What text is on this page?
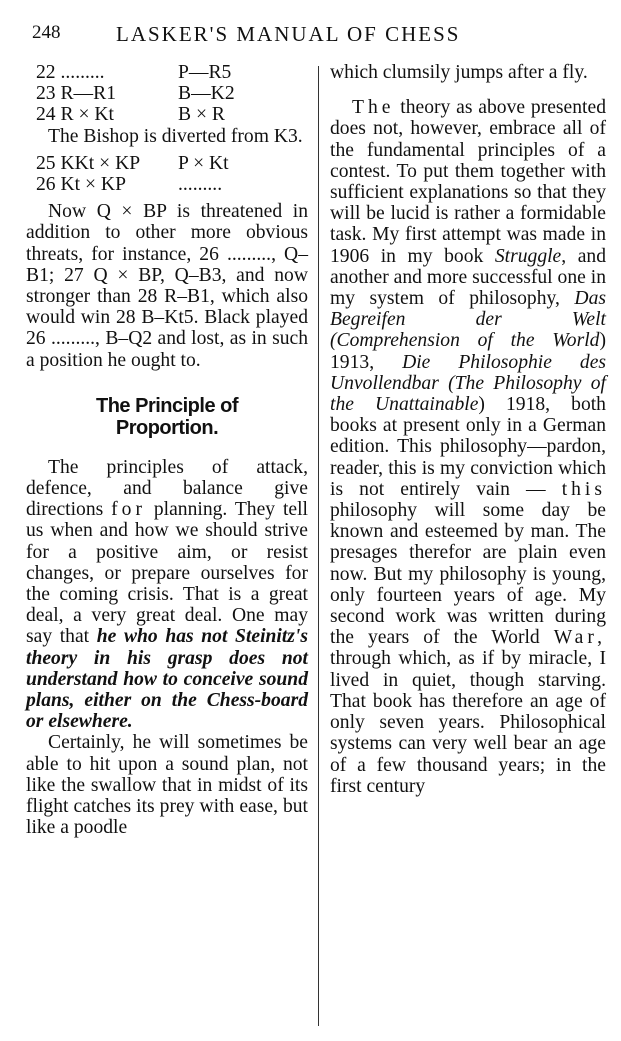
248	LASKER'S MANUAL OF CHESS
22 .........	P—R5
23 R—R1	B—K2
24 R × Kt	B × R

The Bishop is diverted from K3.

25 KKt × KP	P × Kt
26 Kt × KP	.........

Now Q × BP is threatened in addition to other more obvious threats, for instance, 26 ........., Q–B1; 27 Q × BP, Q–B3, and now stronger than 28 R–B1, which also would win 28 B–Kt5. Black played 26 ........., B–Q2 and lost, as in such a position he ought to.

The Principle of
Proportion.

The principles of attack, defence, and balance give directions for planning. They tell us when and how we should strive for a positive aim, or resist changes, or prepare ourselves for the coming crisis. That is a great deal, a very great deal. One may say that he who has not Steinitz's theory in his grasp does not understand how to conceive sound plans, either on the Chess-board or elsewhere.

Certainly, he will sometimes be able to hit upon a sound plan, not like the swallow that in midst of its flight catches its prey with ease, but like a poodle

which clumsily jumps after a fly.

The theory as above presented does not, however, embrace all of the fundamental principles of a contest. To put them together with sufficient explanations so that they will be lucid is rather a formidable task. My first attempt was made in 1906 in my book Struggle, and another and more successful one in my system of philosophy, Das Begreifen der Welt (Comprehension of the World) 1913, Die Philosophie des Unvollendbar (The Philosophy of the Unattainable) 1918, both books at present only in a German edition. This philosophy—pardon, reader, this is my conviction which is not entirely vain — this philosophy will some day be known and esteemed by man. The presages therefor are plain even now. But my philosophy is young, only fourteen years of age. My second work was written during the years of the World War, through which, as if by miracle, I lived in quiet, though starving. That book has therefore an age of only seven years. Philosophical systems can very well bear an age of a few thousand years; in the first century
